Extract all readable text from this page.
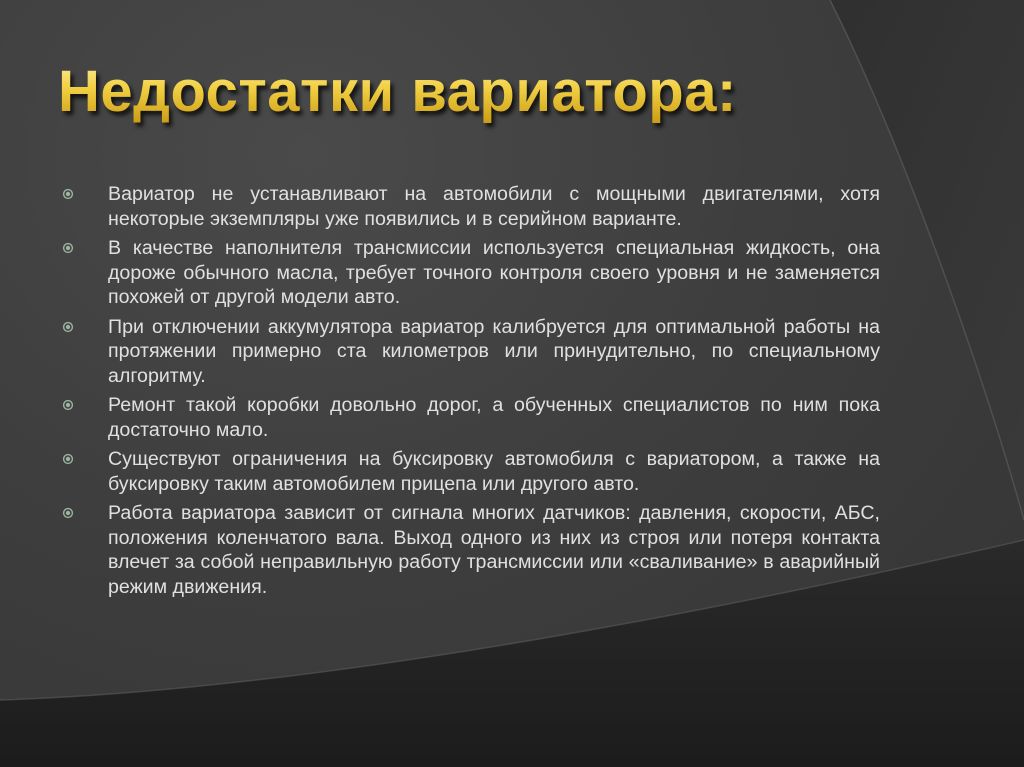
Недостатки вариатора:
Вариатор не устанавливают на автомобили с мощными двигателями, хотя некоторые экземпляры уже появились и в серийном варианте.
В качестве наполнителя трансмиссии используется специальная жидкость, она дороже обычного масла, требует точного контроля своего уровня и не заменяется похожей от другой модели авто.
При отключении аккумулятора вариатор калибруется для оптимальной работы на протяжении примерно ста километров или принудительно, по специальному алгоритму.
Ремонт такой коробки довольно дорог, а обученных специалистов по ним пока достаточно мало.
Существуют ограничения на буксировку автомобиля с вариатором, а также на буксировку таким автомобилем прицепа или другого авто.
Работа вариатора зависит от сигнала многих датчиков: давления, скорости, АБС, положения коленчатого вала. Выход одного из них из строя или потеря контакта влечет за собой неправильную работу трансмиссии или «сваливание» в аварийный режим движения.
